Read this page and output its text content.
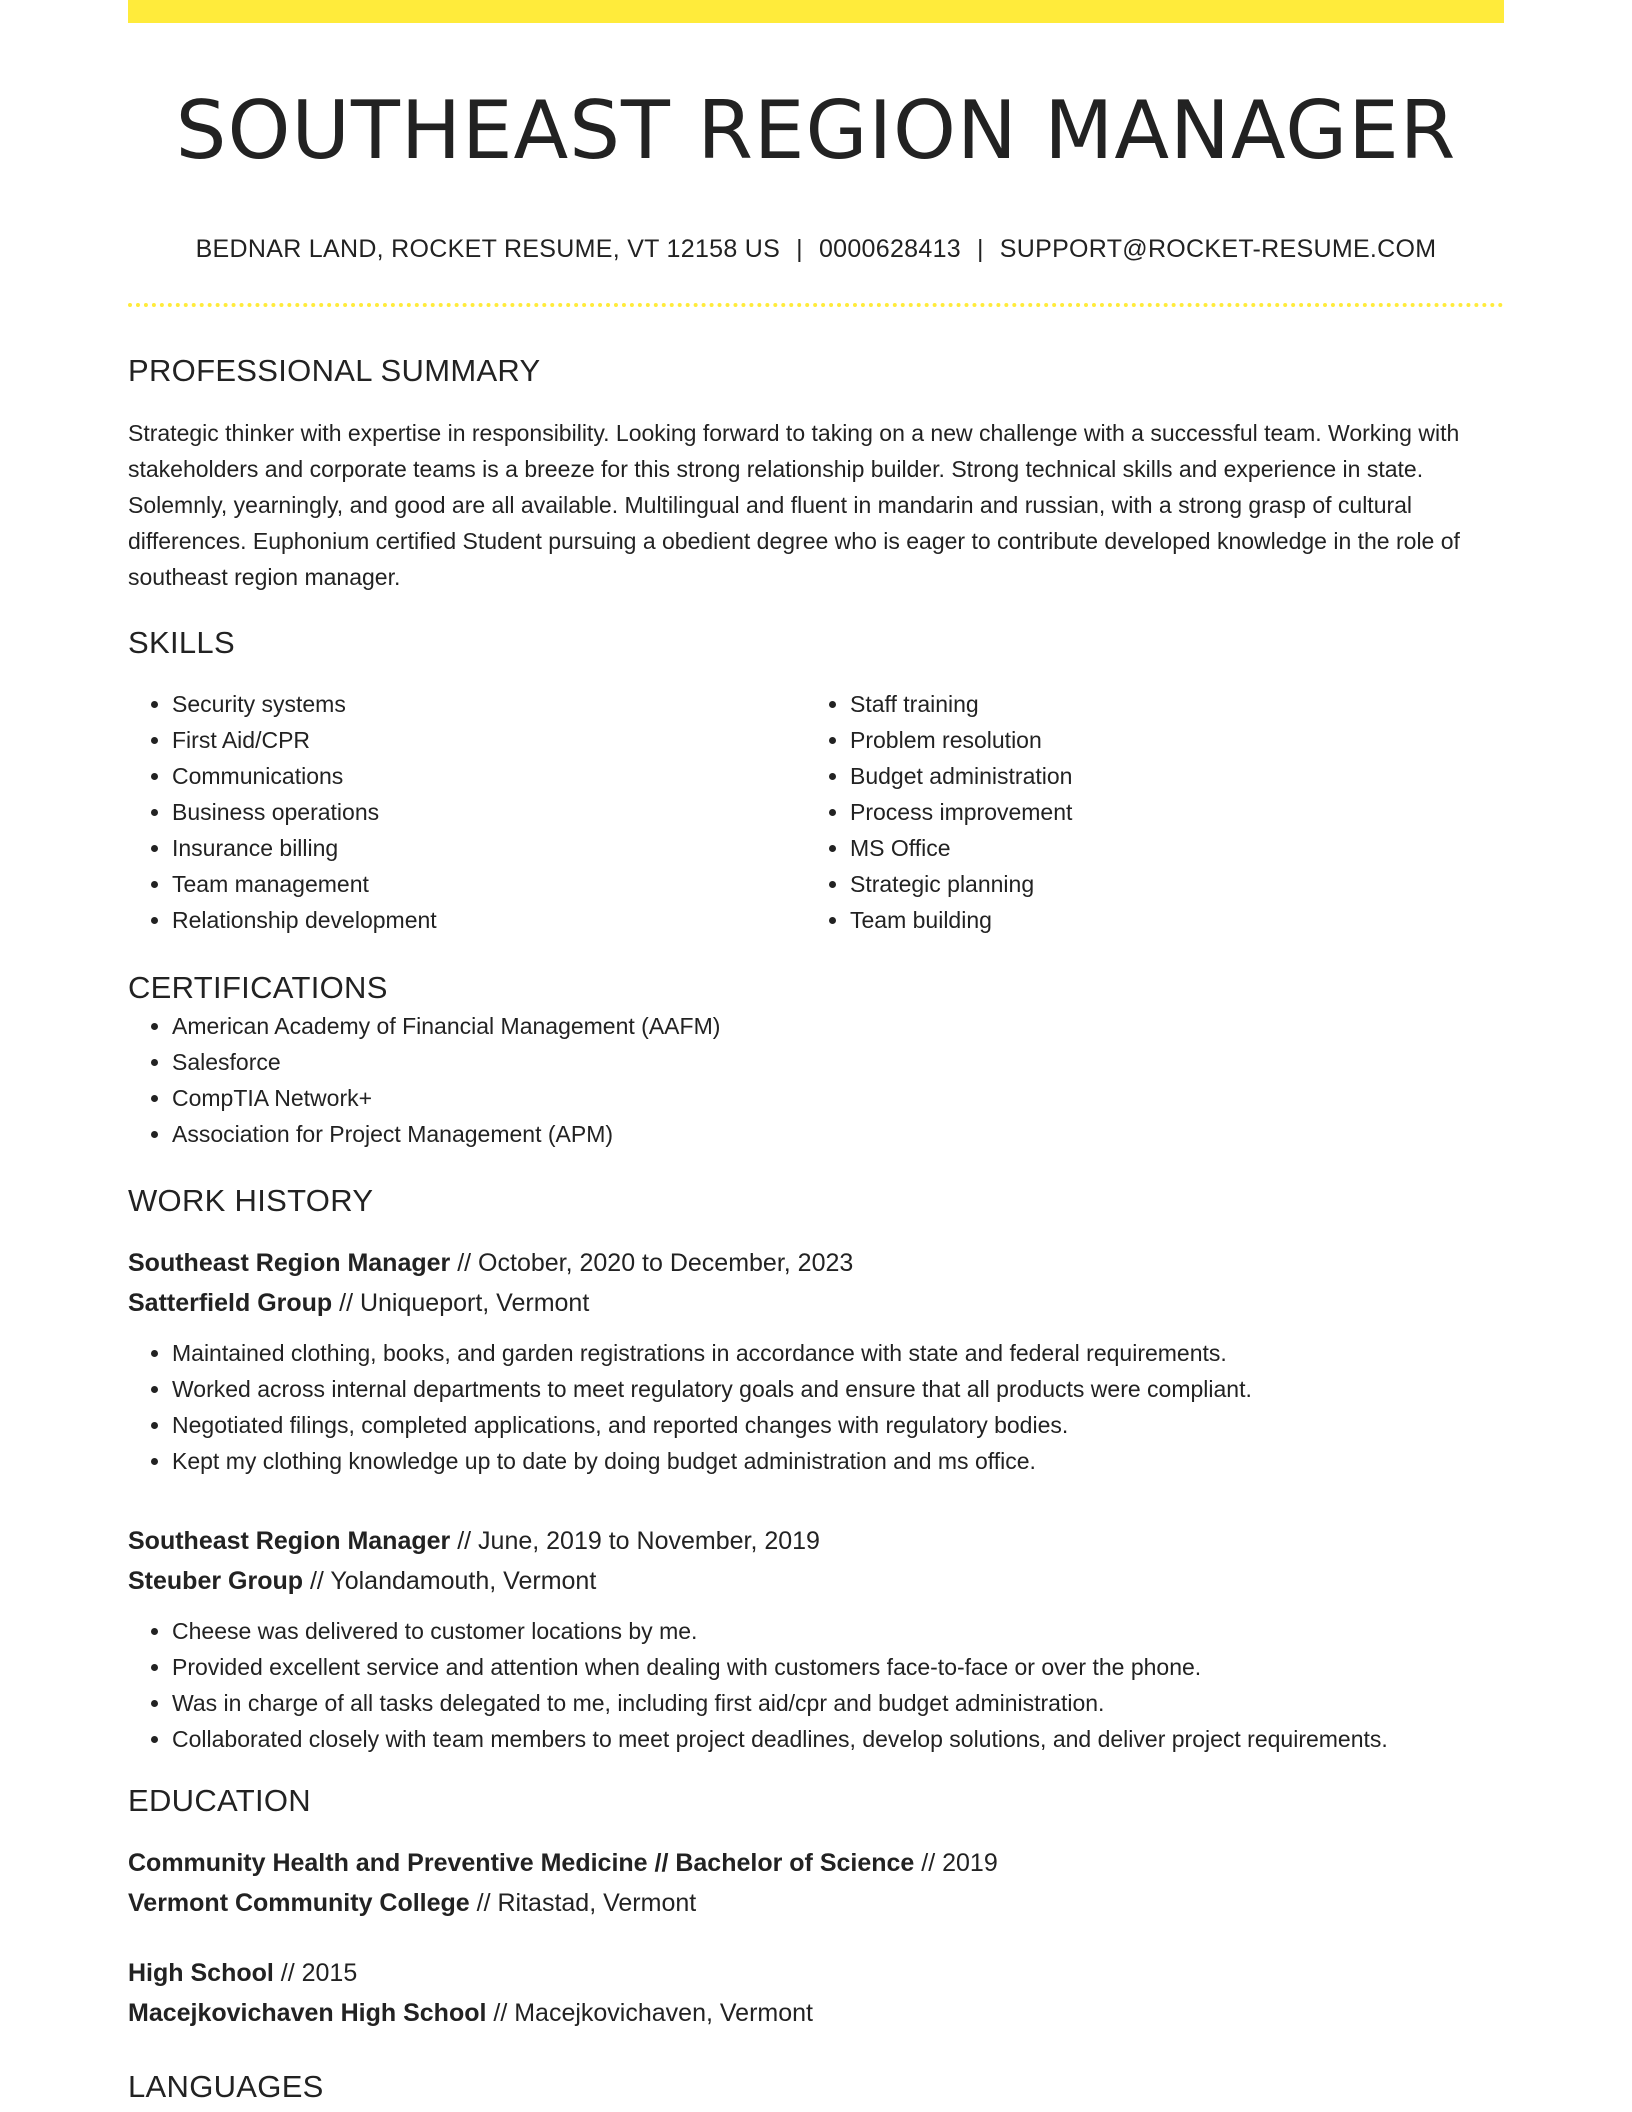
SOUTHEAST REGION MANAGER
BEDNAR LAND, ROCKET RESUME, VT 12158 US | 0000628413 | SUPPORT@ROCKET-RESUME.COM
PROFESSIONAL SUMMARY

Strategic thinker with expertise in responsibility. Looking forward to taking on a new challenge with a successful team. Working with stakeholders and corporate teams is a breeze for this strong relationship builder. Strong technical skills and experience in state. Solemnly, yearningly, and good are all available. Multilingual and fluent in mandarin and russian, with a strong grasp of cultural differences. Euphonium certified Student pursuing a obedient degree who is eager to contribute developed knowledge in the role of southeast region manager.

SKILLS
• Security systems
• First Aid/CPR
• Communications
• Business operations
• Insurance billing
• Team management
• Relationship development
• Staff training
• Problem resolution
• Budget administration
• Process improvement
• MS Office
• Strategic planning
• Team building
CERTIFICATIONS
• American Academy of Financial Management (AAFM)
• Salesforce
• CompTIA Network+
• Association for Project Management (APM)
WORK HISTORY
Southeast Region Manager // October, 2020 to December, 2023
Satterfield Group // Uniqueport, Vermont
• Maintained clothing, books, and garden registrations in accordance with state and federal requirements.
• Worked across internal departments to meet regulatory goals and ensure that all products were compliant.
• Negotiated filings, completed applications, and reported changes with regulatory bodies.
• Kept my clothing knowledge up to date by doing budget administration and ms office.
Southeast Region Manager // June, 2019 to November, 2019
Steuber Group // Yolandamouth, Vermont
• Cheese was delivered to customer locations by me.
• Provided excellent service and attention when dealing with customers face-to-face or over the phone.
• Was in charge of all tasks delegated to me, including first aid/cpr and budget administration.
• Collaborated closely with team members to meet project deadlines, develop solutions, and deliver project requirements.
EDUCATION
Community Health and Preventive Medicine // Bachelor of Science // 2019
Vermont Community College // Ritastad, Vermont
High School // 2015
Macejkovichaven High School // Macejkovichaven, Vermont
LANGUAGES
